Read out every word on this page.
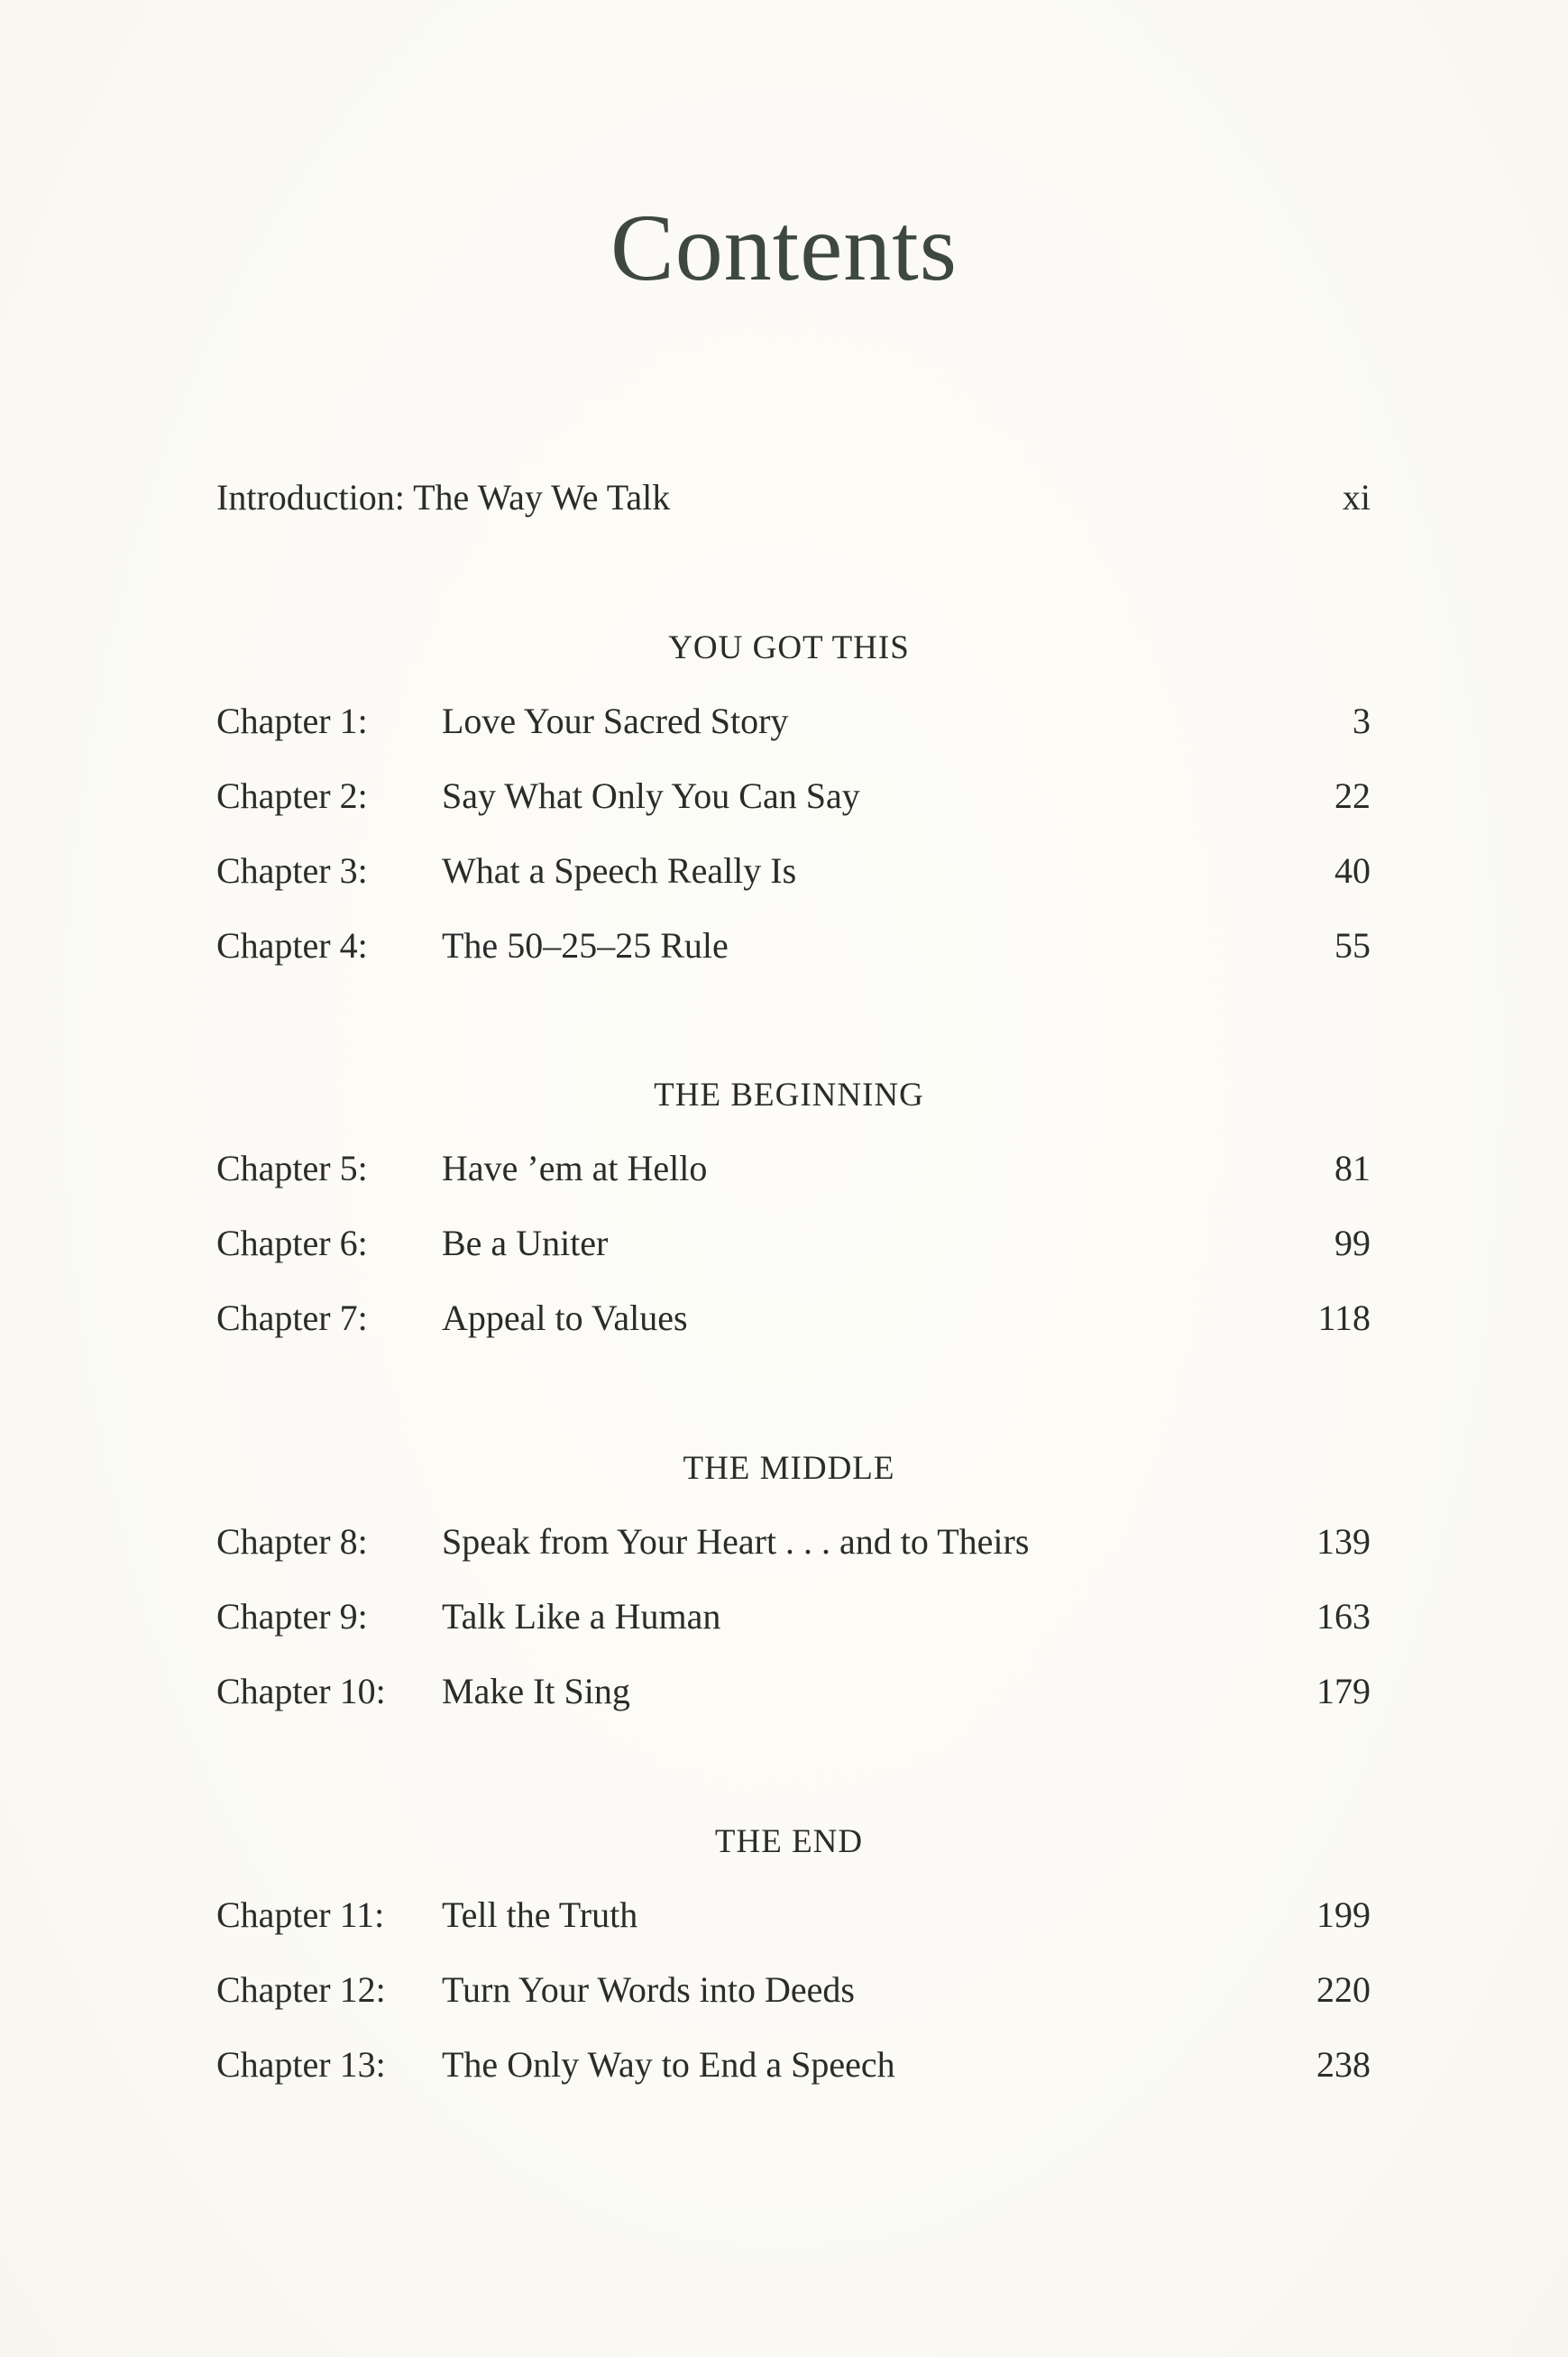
Contents
Introduction: The Way We Talk	xi
YOU GOT THIS
Chapter 1: Love Your Sacred Story	3
Chapter 2: Say What Only You Can Say	22
Chapter 3: What a Speech Really Is	40
Chapter 4: The 50–25–25 Rule	55
THE BEGINNING
Chapter 5: Have ’em at Hello	81
Chapter 6: Be a Uniter	99
Chapter 7: Appeal to Values	118
THE MIDDLE
Chapter 8: Speak from Your Heart . . . and to Theirs	139
Chapter 9: Talk Like a Human	163
Chapter 10: Make It Sing	179
THE END
Chapter 11: Tell the Truth	199
Chapter 12: Turn Your Words into Deeds	220
Chapter 13: The Only Way to End a Speech	238
